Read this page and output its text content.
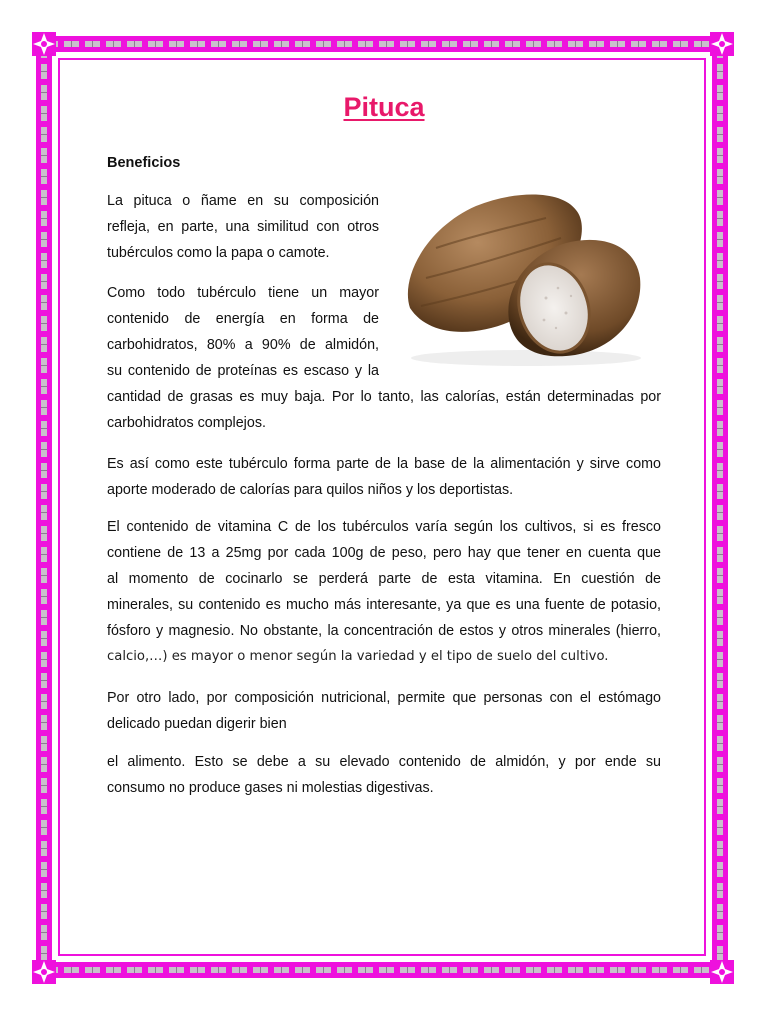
Pituca
Beneficios

La pituca o ñame en su composición
refleja, en parte, una similitud con otros
tubérculos como la papa o camote.

Como todo tubérculo tiene un mayor
contenido de energía en forma de
carbohidratos, 80% a 90% de almidón,
su contenido de proteínas es escaso y la
cantidad de grasas es muy baja. Por lo tanto, las calorías, están determinadas por
carbohidratos complejos.

Es así como este tubérculo forma parte de la base de la alimentación y sirve como
aporte moderado de calorías para quilos niños y los deportistas.

El contenido de vitamina C de los tubérculos varía según los cultivos, si es fresco
contiene de 13 a 25mg por cada 100g de peso, pero hay que tener en cuenta que
al momento de cocinarlo se perderá parte de esta vitamina. En cuestión de
minerales, su contenido es mucho más interesante, ya que es una fuente de potasio,
fósforo y magnesio. No obstante, la concentración de estos y otros minerales (hierro,
calcio,…) es mayor o menor según la variedad y el tipo de suelo del cultivo.

Por otro lado, por composición nutricional, permite que personas con el estómago
delicado puedan digerir bien

el alimento. Esto se debe a su elevado contenido de almidón, y por ende su
consumo no produce gases ni molestias digestivas.
